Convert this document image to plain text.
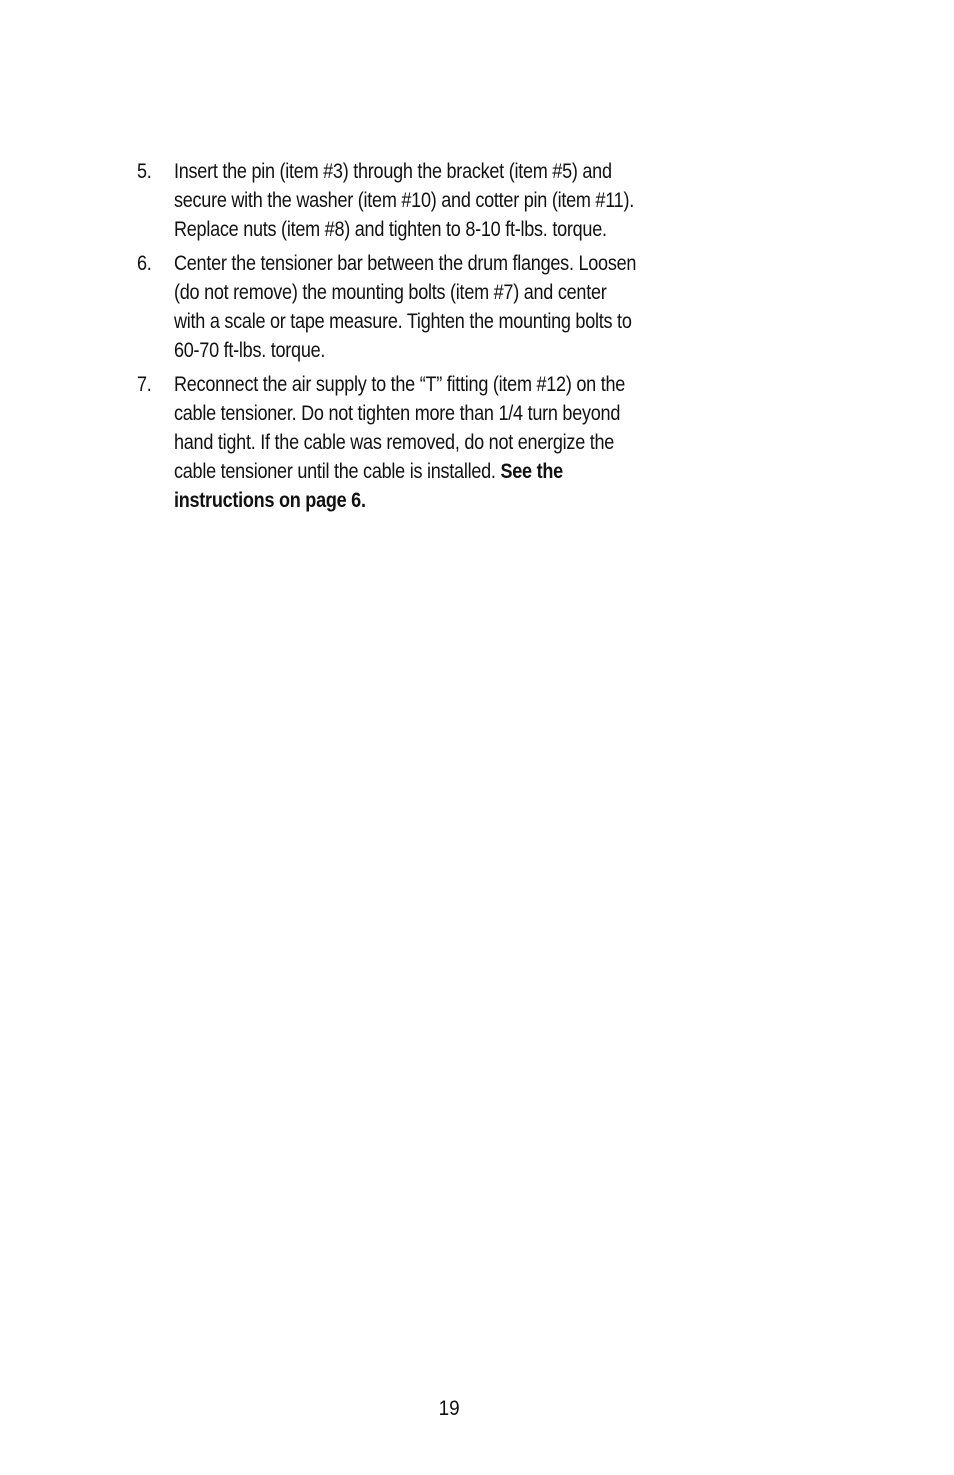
5. Insert the pin (item #3) through the bracket (item #5) and secure with the washer (item #10) and cotter pin (item #11). Replace nuts (item #8) and tighten to 8-10 ft-lbs. torque.
6. Center the tensioner bar between the drum flanges. Loosen (do not remove) the mounting bolts (item #7) and center with a scale or tape measure. Tighten the mounting bolts to 60-70 ft-lbs. torque.
7. Reconnect the air supply to the “T” fitting (item #12) on the cable tensioner. Do not tighten more than 1/4 turn beyond hand tight. If the cable was removed, do not energize the cable tensioner until the cable is installed. See the instructions on page 6.
19
